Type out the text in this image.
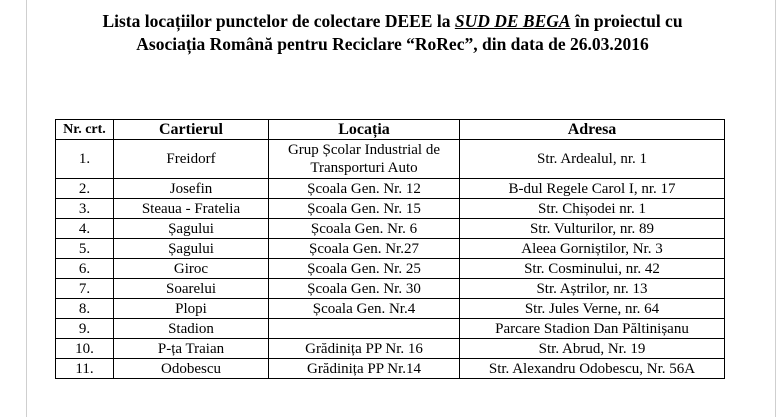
Lista locațiilor punctelor de colectare DEEE la SUD DE BEGA în proiectul cu
Asociația Română pentru Reciclare “RoRec”, din data de 26.03.2016
Nr. crt.	Cartierul	Locația	Adresa
1.	Freidorf	Grup Școlar Industrial de Transporturi Auto	Str. Ardealul, nr. 1
2.	Josefin	Școala Gen. Nr. 12	B-dul Regele Carol I, nr. 17
3.	Steaua - Fratelia	Școala Gen. Nr. 15	Str. Chișodei nr. 1
4.	Șagului	Școala Gen. Nr. 6	Str. Vulturilor, nr. 89
5.	Șagului	Școala Gen. Nr.27	Aleea Gorniștilor, Nr. 3
6.	Giroc	Școala Gen. Nr. 25	Str. Cosminului, nr. 42
7.	Soarelui	Școala Gen. Nr. 30	Str. Aștrilor, nr. 13
8.	Plopi	Școala Gen. Nr.4	Str. Jules Verne, nr. 64
9.	Stadion		Parcare Stadion Dan Păltinișanu
10.	P-ța Traian	Grădinița PP Nr. 16	Str. Abrud, Nr. 19
11.	Odobescu	Grădinița PP Nr.14	Str. Alexandru Odobescu, Nr. 56A
